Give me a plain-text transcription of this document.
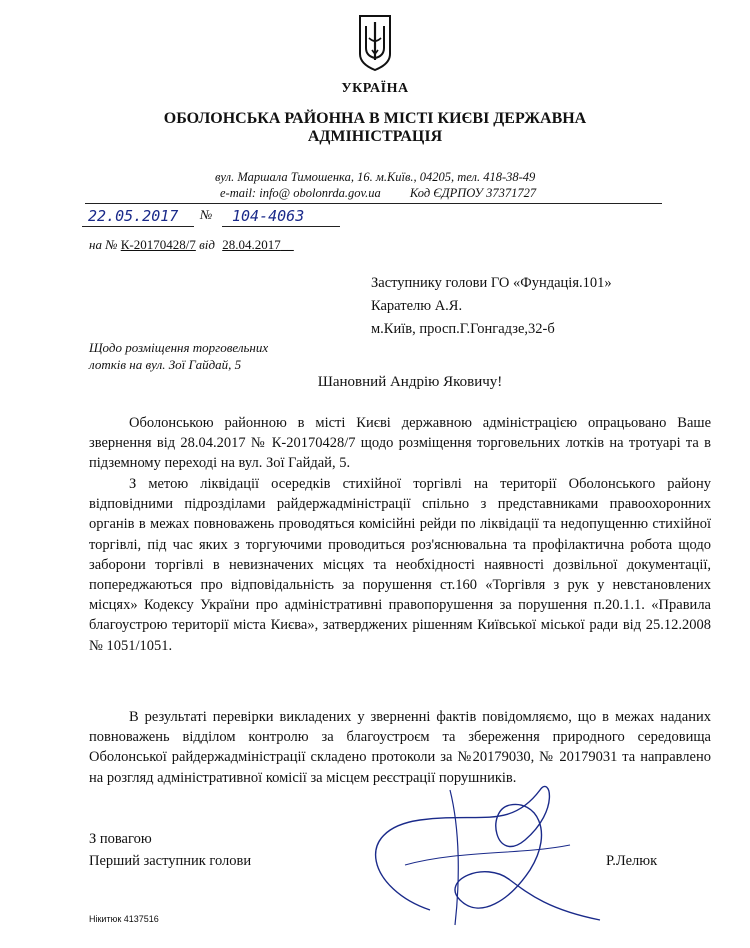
УКРАЇНА
ОБОЛОНСЬКА РАЙОННА В МІСТІ КИЄВІ ДЕРЖАВНА
АДМІНІСТРАЦІЯ
вул. Маршала Тимошенка, 16. м.Київ., 04205, тел. 418-38-49
e-mail: info@ obolonrda.gov.ua Код ЄДРПОУ 37371727
22.05.2017 № 104-4063
на № К-20170428/7 від 28.04.2017__
Заступнику голови ГО «Фундація.101»
Карателю А.Я.
м.Київ, просп.Г.Гонгадзе,32-б
Щодо розміщення торговельних
лотків на вул. Зої Гайдай, 5
Шановний Андрію Яковичу!

Оболонською районною в місті Києві державною адміністрацією опрацьовано Ваше звернення від 28.04.2017 № К-20170428/7 щодо розміщення торговельних лотків на тротуарі та в підземному переході на вул. Зої Гайдай, 5.

З метою ліквідації осередків стихійної торгівлі на території Оболонського району відповідними підрозділами райдержадміністрації спільно з представниками правоохоронних органів в межах повноважень проводяться комісійні рейди по ліквідації та недопущенню стихійної торгівлі, під час яких з торгуючими проводиться роз'яснювальна та профілактична робота щодо заборони торгівлі в невизначених місцях та необхідності наявності дозвільної документації, попереджаються про відповідальність за порушення ст.160 «Торгівля з рук у невстановлених місцях» Кодексу України про адміністративні правопорушення за порушення п.20.1.1. «Правила благоустрою території міста Києва», затверджених рішенням Київської міської ради від 25.12.2008 № 1051/1051.

В результаті перевірки викладених у зверненні фактів повідомляємо, що в межах наданих повноважень відділом контролю за благоустроєм та збереження природного середовища Оболонської райдержадміністрації складено протоколи за №20179030, № 20179031 та направлено на розгляд адміністративної комісії за місцем реєстрації порушників.

З повагою
Перший заступник голови	Р.Лелюк
Нікитюк 4137516
